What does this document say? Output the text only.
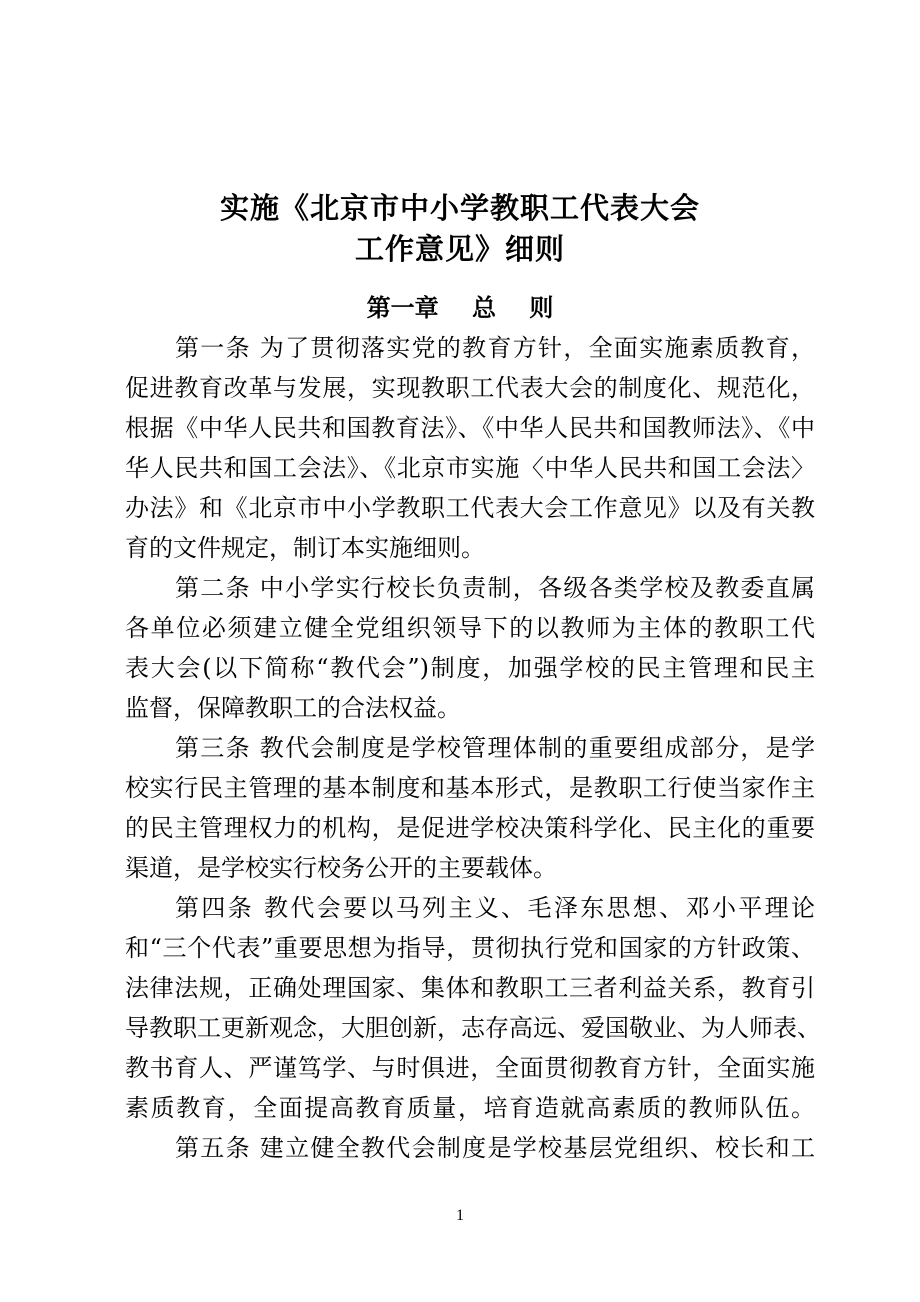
实施《北京市中小学教职工代表大会
工作意见》细则
第一章    总    则
第一条 为了贯彻落实党的教育方针，全面实施素质教育，
促进教育改革与发展，实现教职工代表大会的制度化、规范化，
根据《中华人民共和国教育法》、《中华人民共和国教师法》、《中
华人民共和国工会法》、《北京市实施〈中华人民共和国工会法〉
办法》和《北京市中小学教职工代表大会工作意见》以及有关教
育的文件规定，制订本实施细则。
第二条 中小学实行校长负责制，各级各类学校及教委直属
各单位必须建立健全党组织领导下的以教师为主体的教职工代
表大会(以下简称“教代会”)制度，加强学校的民主管理和民主
监督，保障教职工的合法权益。
第三条 教代会制度是学校管理体制的重要组成部分，是学
校实行民主管理的基本制度和基本形式，是教职工行使当家作主
的民主管理权力的机构，是促进学校决策科学化、民主化的重要
渠道，是学校实行校务公开的主要载体。
第四条 教代会要以马列主义、毛泽东思想、邓小平理论
和“三个代表”重要思想为指导，贯彻执行党和国家的方针政策、
法律法规，正确处理国家、集体和教职工三者利益关系，教育引
导教职工更新观念，大胆创新，志存高远、爱国敬业、为人师表、
教书育人、严谨笃学、与时俱进，全面贯彻教育方针，全面实施
素质教育，全面提高教育质量，培育造就高素质的教师队伍。
第五条 建立健全教代会制度是学校基层党组织、校长和工
1
